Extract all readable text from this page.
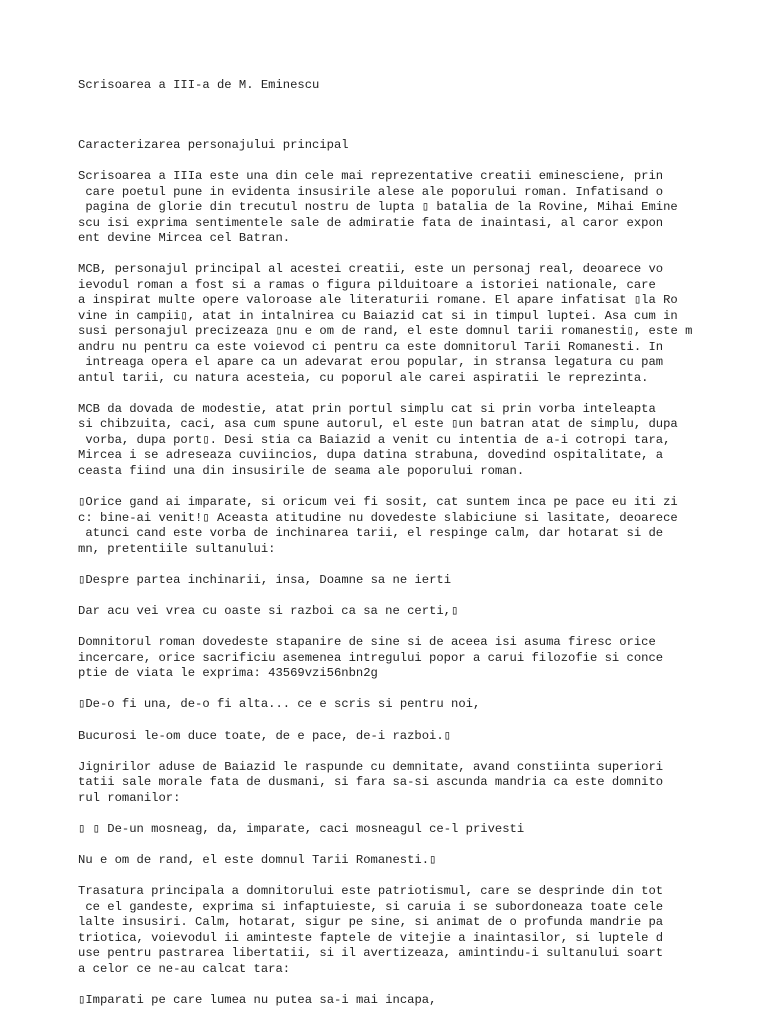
Scrisoarea a III-a de M. Eminescu
Caracterizarea personajului principal
Scrisoarea a IIIa este una din cele mai reprezentative creatii eminesciene, prin
care poetul pune in evidenta insusirile alese ale poporului roman. Infatisand o
pagina de glorie din trecutul nostru de lupta ▯ batalia de la Rovine, Mihai Emine
scu isi exprima sentimentele sale de admiratie fata de inaintasi, al caror expon
ent devine Mircea cel Batran.
MCB, personajul principal al acestei creatii, este un personaj real, deoarece vo
ievodul roman a fost si a ramas o figura pilduitoare a istoriei nationale, care
a inspirat multe opere valoroase ale literaturii romane. El apare infatisat ▯la Ro
vine in campii▯, atat in intalnirea cu Baiazid cat si in timpul luptei. Asa cum in
susi personajul precizeaza ▯nu e om de rand, el este domnul tarii romanesti▯, este m
andru nu pentru ca este voievod ci pentru ca este domnitorul Tarii Romanesti. In
intreaga opera el apare ca un adevarat erou popular, in stransa legatura cu pam
antul tarii, cu natura acesteia, cu poporul ale carei aspiratii le reprezinta.
MCB da dovada de modestie, atat prin portul simplu cat si prin vorba inteleapta
si chibzuita, caci, asa cum spune autorul, el este ▯un batran atat de simplu, dupa
vorba, dupa port▯. Desi stia ca Baiazid a venit cu intentia de a-i cotropi tara,
Mircea i se adreseaza cuviincios, dupa datina strabuna, dovedind ospitalitate, a
ceasta fiind una din insusirile de seama ale poporului roman.
▯Orice gand ai imparate, si oricum vei fi sosit, cat suntem inca pe pace eu iti zi
c: bine-ai venit!▯ Aceasta atitudine nu dovedeste slabiciune si lasitate, deoarece
atunci cand este vorba de inchinarea tarii, el respinge calm, dar hotarat si de
mn, pretentiile sultanului:
▯Despre partea inchinarii, insa, Doamne sa ne ierti
Dar acu vei vrea cu oaste si razboi ca sa ne certi,▯
Domnitorul roman dovedeste stapanire de sine si de aceea isi asuma firesc orice
incercare, orice sacrificiu asemenea intregului popor a carui filozofie si conce
ptie de viata le exprima: 43569vzi56nbn2g
▯De-o fi una, de-o fi alta... ce e scris si pentru noi,
Bucurosi le-om duce toate, de e pace, de-i razboi.▯
Jignirilor aduse de Baiazid le raspunde cu demnitate, avand constiinta superiori
tatii sale morale fata de dusmani, si fara sa-si ascunda mandria ca este domnito
rul romanilor:
▯ ▯ De-un mosneag, da, imparate, caci mosneagul ce-l privesti
Nu e om de rand, el este domnul Tarii Romanesti.▯
Trasatura principala a domnitorului este patriotismul, care se desprinde din tot
ce el gandeste, exprima si infaptuieste, si caruia i se subordoneaza toate cele
lalte insusiri. Calm, hotarat, sigur pe sine, si animat de o profunda mandrie pa
triotica, voievodul ii aminteste faptele de vitejie a inaintasilor, si luptele d
use pentru pastrarea libertatii, si il avertizeaza, amintindu-i sultanului soart
a celor ce ne-au calcat tara:
▯Imparati pe care lumea nu putea sa-i mai incapa,
